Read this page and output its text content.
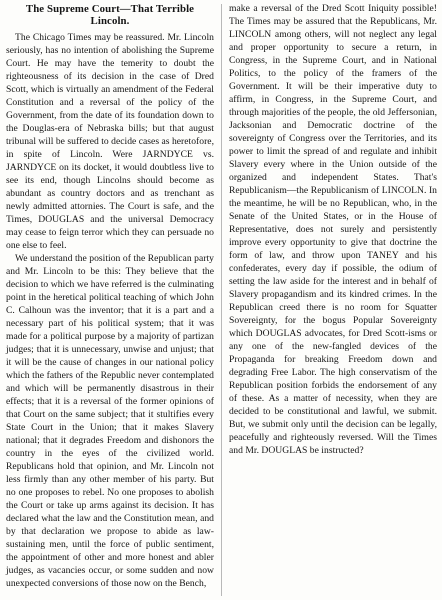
The Supreme Court—That Terrible
Lincoln.

The Chicago Times may be reassured. Mr. Lincoln seriously, has no intention of abolishing the Supreme Court. He may have the temerity to doubt the righteousness of its decision in the case of Dred Scott, which is virtually an amendment of the Federal Constitution and a reversal of the policy of the Government, from the date of its foundation down to the Douglas-era of Nebraska bills; but that august tribunal will be suffered to decide cases as heretofore, in spite of Lincoln. Were JARNDYCE vs. JARNDYCE on its docket, it would doubtless live to see its end, though Lincolns should become as abundant as country doctors and as trenchant as newly admitted attornies. The Court is safe, and the Times, DOUGLAS and the universal Democracy may cease to feign terror which they can persuade no one else to feel.

We understand the position of the Republican party and Mr. Lincoln to be this: They believe that the decision to which we have referred is the culminating point in the heretical political teaching of which John C. Calhoun was the inventor; that it is a part and a necessary part of his political system; that it was made for a political purpose by a majority of partizan judges; that it is unnecessary, unwise and unjust; that it will be the cause of changes in our national policy which the fathers of the Republic never contemplated and which will be permanently disastrous in their effects; that it is a reversal of the former opinions of that Court on the same subject; that it stultifies every State Court in the Union; that it makes Slavery national; that it degrades Freedom and dishonors the country in the eyes of the civilized world. Republicans hold that opinion, and Mr. Lincoln not less firmly than any other member of his party. But no one proposes to rebel. No one proposes to abolish the Court or take up arms against its decision. It has declared what the law and the Constitution mean, and by that declaration we propose to abide as law-sustaining men, until the force of public sentiment, the appointment of other and more honest and abler judges, as vacancies occur, or some sudden and now unexpected conversions of those now on the Bench,

make a reversal of the Dred Scott Iniquity possible! The Times may be assured that the Republicans, Mr. LINCOLN among others, will not neglect any legal and proper opportunity to secure a return, in Congress, in the Supreme Court, and in National Politics, to the policy of the framers of the Government. It will be their imperative duty to affirm, in Congress, in the Supreme Court, and through majorities of the people, the old Jeffersonian, Jacksonian and Democratic doctrine of the sovereignty of Congress over the Territories, and its power to limit the spread of and regulate and inhibit Slavery every where in the Union outside of the organized and independent States. That's Republicanism—the Republicanism of LINCOLN. In the meantime, he will be no Republican, who, in the Senate of the United States, or in the House of Representative, does not surely and persistently improve every opportunity to give that doctrine the form of law, and throw upon TANEY and his confederates, every day if possible, the odium of setting the law aside for the interest and in behalf of Slavery propagandism and its kindred crimes. In the Republican creed there is no room for Squatter Sovereignty, for the bogus Popular Sovereignty which DOUGLAS advocates, for Dred Scott-isms or any one of the new-fangled devices of the Propaganda for breaking Freedom down and degrading Free Labor. The high conservatism of the Republican position forbids the endorsement of any of these. As a matter of necessity, when they are decided to be constitutional and lawful, we submit. But, we submit only until the decision can be legally, peacefully and righteously reversed. Will the Times and Mr. DOUGLAS be instructed?
